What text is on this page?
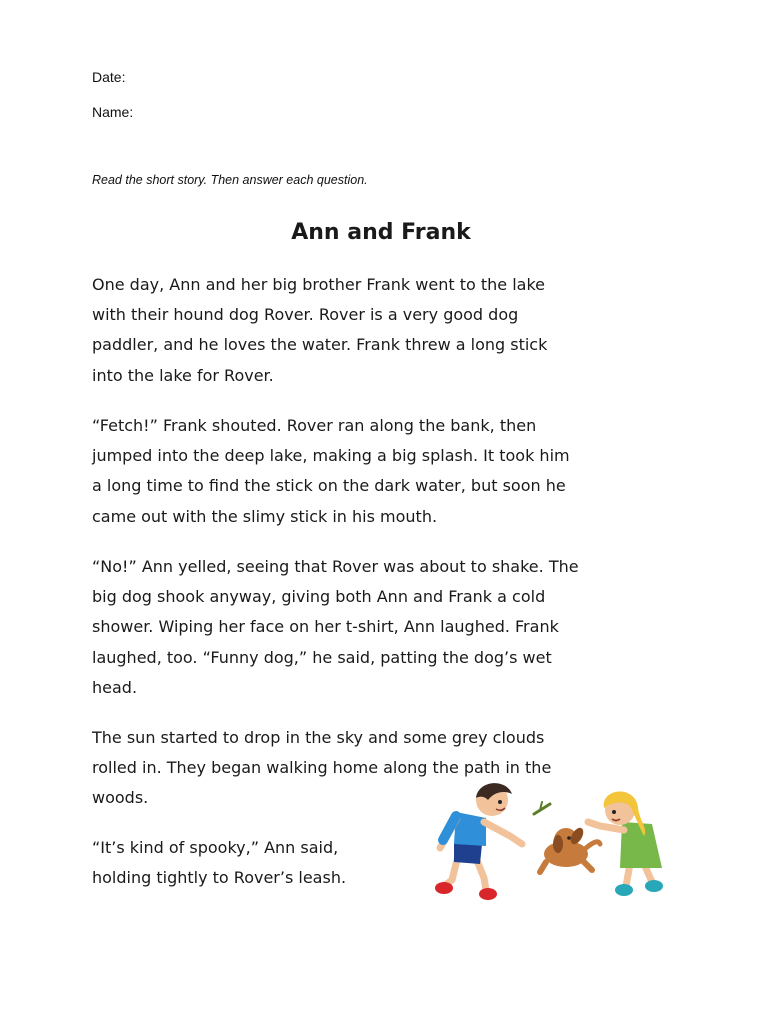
Date:
Name:
Read the short story. Then answer each question.
Ann and Frank
One day, Ann and her big brother Frank went to the lake
with their hound dog Rover. Rover is a very good dog
paddler, and he loves the water. Frank threw a long stick
into the lake for Rover.
“Fetch!” Frank shouted. Rover ran along the bank, then
jumped into the deep lake, making a big splash. It took him
a long time to find the stick on the dark water, but soon he
came out with the slimy stick in his mouth.
“No!” Ann yelled, seeing that Rover was about to shake. The
big dog shook anyway, giving both Ann and Frank a cold
shower. Wiping her face on her t-shirt, Ann laughed. Frank
laughed, too. “Funny dog,” he said, patting the dog’s wet
head.
The sun started to drop in the sky and some grey clouds
rolled in. They began walking home along the path in the
woods.
“It’s kind of spooky,” Ann said,
holding tightly to Rover’s leash.
